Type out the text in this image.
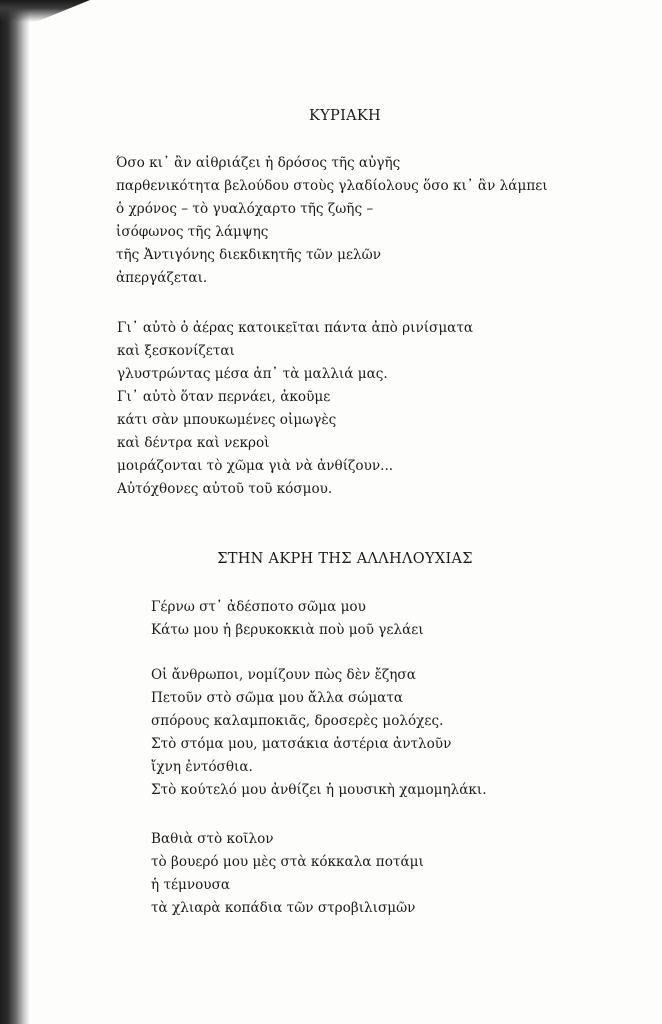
ΚΥΡΙΑΚΗ
Όσο κι᾽ ἂν αἰθριάζει ἡ δρόσος τῆς αὐγῆς
παρθενικότητα βελούδου στοὺς γλαδίολους ὅσο κι᾽ ἂν λάμπει
ὁ χρόνος – τὸ γυαλόχαρτο τῆς ζωῆς –
ἰσόφωνος τῆς λάμψης
τῆς Ἀντιγόνης διεκδικητῆς τῶν μελῶν
ἀπεργάζεται.
Γι᾽ αὐτὸ ὁ ἀέρας κατοικεῖται πάντα ἀπὸ ρινίσματα
καὶ ξεσκονίζεται
γλυστρώντας μέσα ἀπ᾽ τὰ μαλλιά μας.
Γι᾽ αὐτὸ ὅταν περνάει, ἀκοῦμε
κάτι σὰν μπουκωμένες οἰμωγὲς
καὶ δέντρα καὶ νεκροὶ
μοιράζονται τὸ χῶμα γιὰ νὰ ἀνθίζουν...
Αὐτόχθονες αὐτοῦ τοῦ κόσμου.
ΣΤΗΝ ΑΚΡΗ ΤΗΣ ΑΛΛΗΛΟΥΧΙΑΣ
Γέρνω στ᾽ ἀδέσποτο σῶμα μου
Κάτω μου ἡ βερυκοκκιὰ ποὺ μοῦ γελάει
Οἱ ἄνθρωποι, νομίζουν πὼς δὲν ἔζησα
Πετοῦν στὸ σῶμα μου ἄλλα σώματα
σπόρους καλαμποκιᾶς, δροσερὲς μολόχες.
Στὸ στόμα μου, ματσάκια ἀστέρια ἀντλοῦν
ἴχνη ἐντόσθια.
Στὸ κούτελό μου ἀνθίζει ἡ μουσικὴ χαμομηλάκι.
Βαθιὰ στὸ κοῖλον
τὸ βουερό μου μὲς στὰ κόκκαλα ποτάμι
ἡ τέμνουσα
τὰ χλιαρὰ κοπάδια τῶν στροβιλισμῶν
